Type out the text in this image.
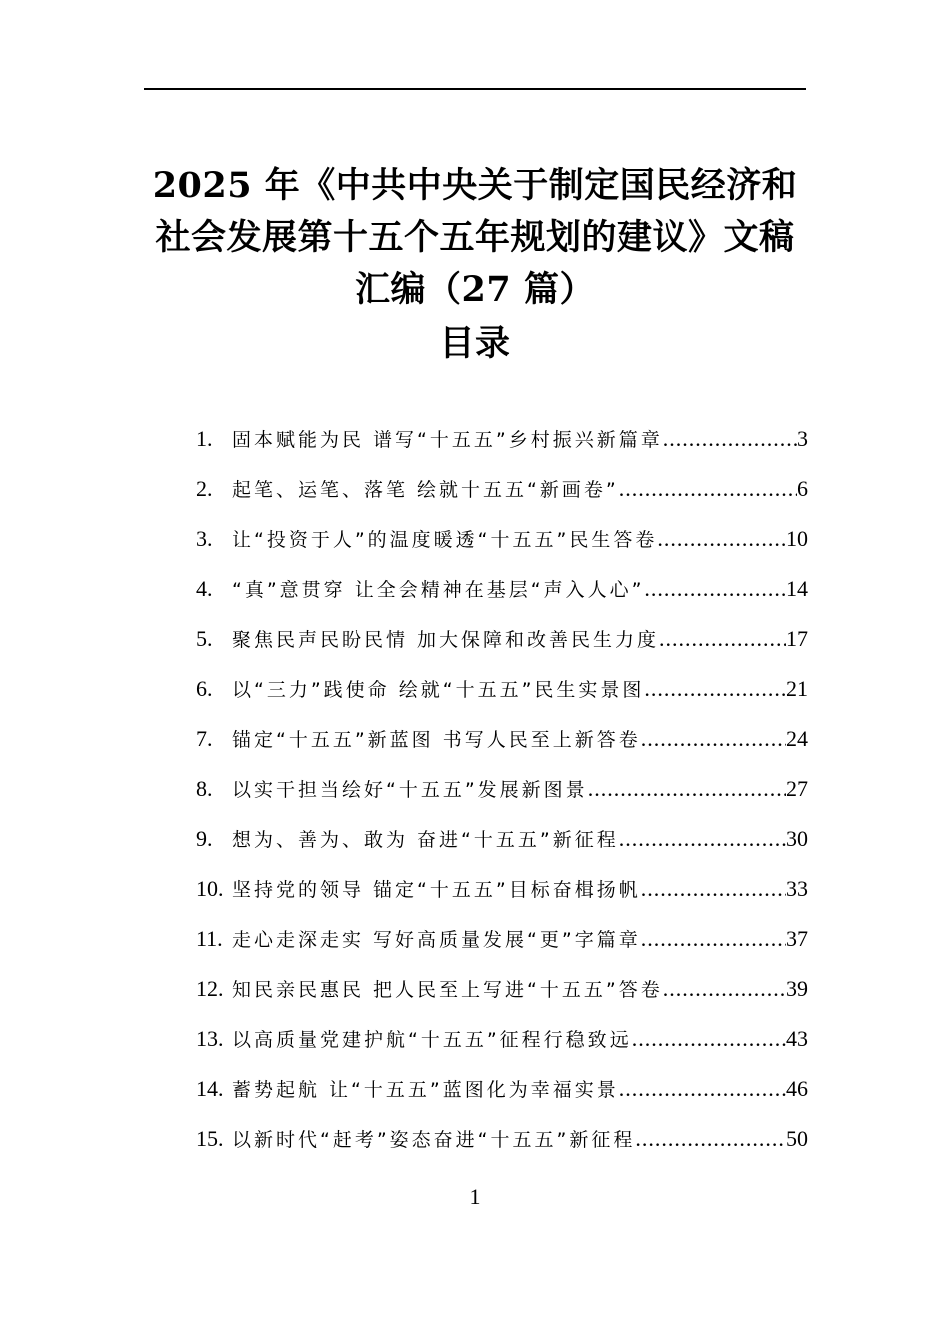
2025 年《中共中央关于制定国民经济和
社会发展第十五个五年规划的建议》文稿
汇编（27 篇）
目录
1.	固本赋能为民 谱写“十五五”乡村振兴新篇章 .....	3
2.	起笔、运笔、落笔 绘就十五五“新画卷” .....	6
3.	让“投资于人”的温度暖透“十五五”民生答卷 .....	10
4.	“真”意贯穿 让全会精神在基层“声入人心” .....	14
5.	聚焦民声民盼民情 加大保障和改善民生力度 .....	17
6.	以“三力”践使命 绘就“十五五”民生实景图 .....	21
7.	锚定“十五五”新蓝图 书写人民至上新答卷 .....	24
8.	以实干担当绘好“十五五”发展新图景 .....	27
9.	想为、善为、敢为 奋进“十五五”新征程 .....	30
10. 坚持党的领导 锚定“十五五”目标奋楫扬帆 .....	33
11. 走心走深走实 写好高质量发展“更”字篇章 .....	37
12. 知民亲民惠民 把人民至上写进“十五五”答卷 .....	39
13. 以高质量党建护航“十五五”征程行稳致远 .....	43
14. 蓄势起航 让“十五五”蓝图化为幸福实景 .....	46
15. 以新时代“赶考”姿态奋进“十五五”新征程 .....	50
1
